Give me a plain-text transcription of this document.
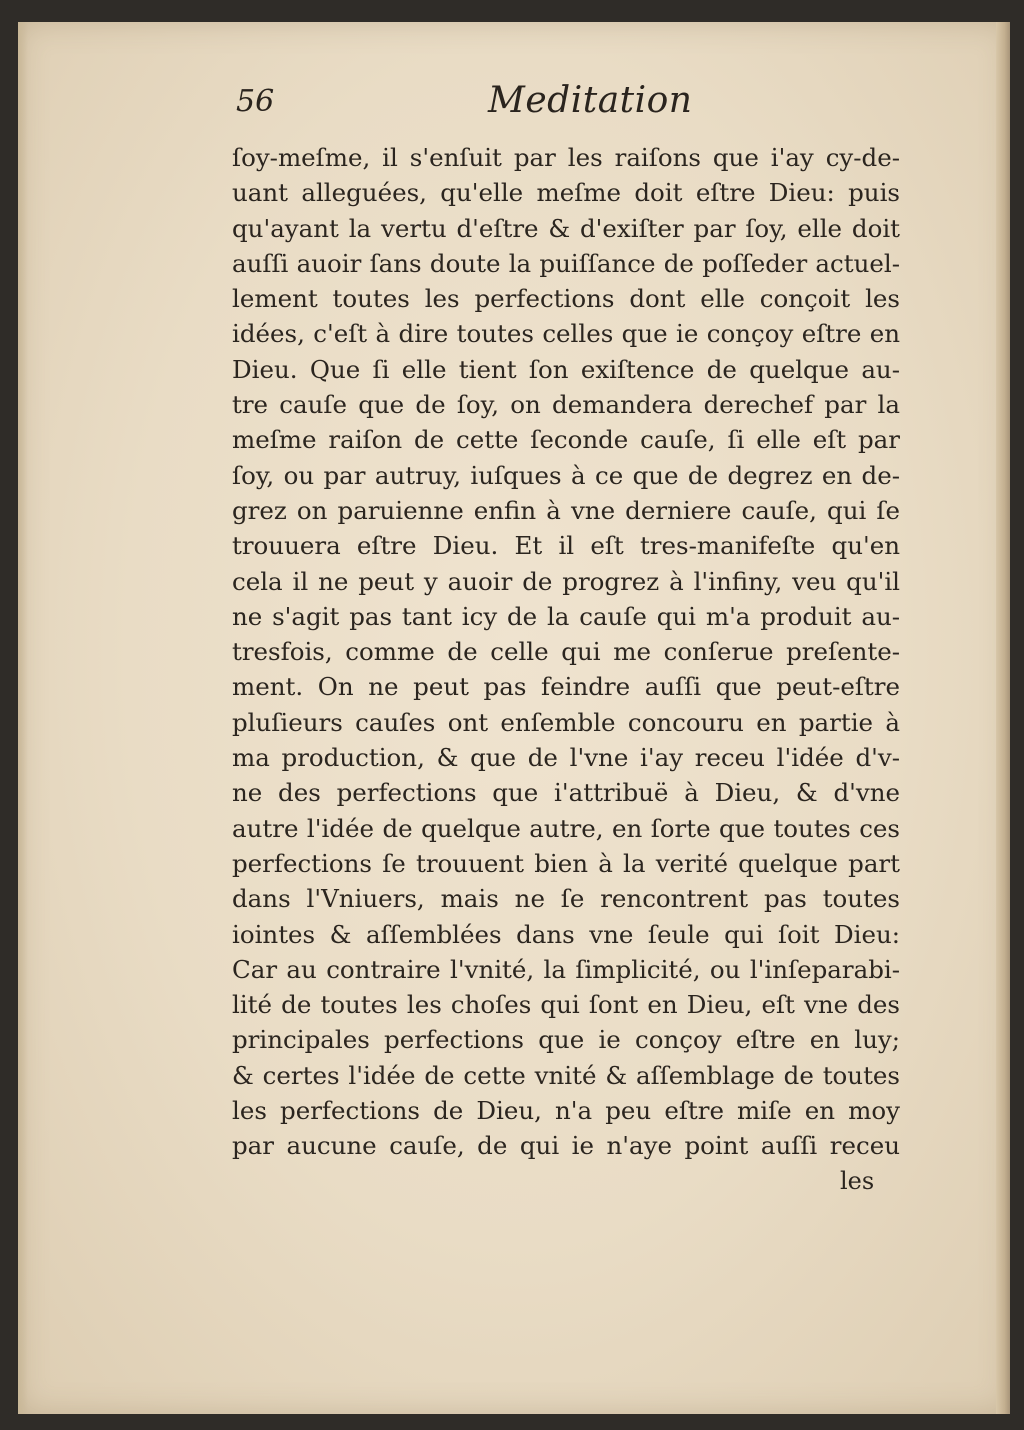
56	Meditation
ſoy-meſme, il s'enſuit par les raiſons que i'ay cy-de-
uant alleguées, qu'elle meſme doit eſtre Dieu: puis
qu'ayant la vertu d'eſtre & d'exiſter par ſoy, elle doit
auſſi auoir ſans doute la puiſſance de poſſeder actuel-
lement toutes les perfections dont elle conçoit les
idées, c'eſt à dire toutes celles que ie conçoy eſtre en
Dieu. Que ſi elle tient ſon exiſtence de quelque au-
tre cauſe que de ſoy, on demandera derechef par la
meſme raiſon de cette ſeconde cauſe, ſi elle eſt par
ſoy, ou par autruy, iuſques à ce que de degrez en de-
grez on paruienne enfin à vne derniere cauſe, qui ſe
trouuera eſtre Dieu. Et il eſt tres-manifeſte qu'en
cela il ne peut y auoir de progrez à l'infiny, veu qu'il
ne s'agit pas tant icy de la cauſe qui m'a produit au-
tresfois, comme de celle qui me conſerue preſente-
ment. On ne peut pas feindre auſſi que peut-eſtre
pluſieurs cauſes ont enſemble concouru en partie à
ma production, & que de l'vne i'ay receu l'idée d'v-
ne des perfections que i'attribuë à Dieu, & d'vne
autre l'idée de quelque autre, en ſorte que toutes ces
perfections ſe trouuent bien à la verité quelque part
dans l'Vniuers, mais ne ſe rencontrent pas toutes
iointes & aſſemblées dans vne ſeule qui ſoit Dieu:
Car au contraire l'vnité, la ſimplicité, ou l'inſeparabi-
lité de toutes les choſes qui ſont en Dieu, eſt vne des
principales perfections que ie conçoy eſtre en luy;
& certes l'idée de cette vnité & aſſemblage de toutes
les perfections de Dieu, n'a peu eſtre miſe en moy
par aucune cauſe, de qui ie n'aye point auſſi receu
les
